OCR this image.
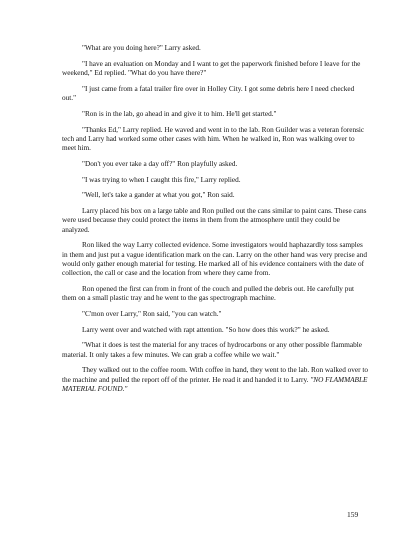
"What are you doing here?" Larry asked.

"I have an evaluation on Monday and I want to get the paperwork finished before I leave for the weekend," Ed replied. "What do you have there?"

"I just came from a fatal trailer fire over in Holley City. I got some debris here I need checked out."

"Ron is in the lab, go ahead in and give it to him. He'll get started."

"Thanks Ed," Larry replied. He waved and went in to the lab. Ron Guilder was a veteran forensic tech and Larry had worked some other cases with him. When he walked in, Ron was walking over to meet him.

"Don't you ever take a day off?" Ron playfully asked.

"I was trying to when I caught this fire," Larry replied.

"Well, let's take a gander at what you got," Ron said.

Larry placed his box on a large table and Ron pulled out the cans similar to paint cans. These cans were used because they could protect the items in them from the atmosphere until they could be analyzed.

Ron liked the way Larry collected evidence. Some investigators would haphazardly toss samples in them and just put a vague identification mark on the can. Larry on the other hand was very precise and would only gather enough material for testing. He marked all of his evidence containers with the date of collection, the call or case and the location from where they came from.

Ron opened the first can from in front of the couch and pulled the debris out. He carefully put them on a small plastic tray and he went to the gas spectrograph machine.

"C'mon over Larry," Ron said, "you can watch."

Larry went over and watched with rapt attention. "So how does this work?" he asked.

"What it does is test the material for any traces of hydrocarbons or any other possible flammable material. It only takes a few minutes. We can grab a coffee while we wait."

They walked out to the coffee room. With coffee in hand, they went to the lab. Ron walked over to the machine and pulled the report off of the printer. He read it and handed it to Larry. "NO FLAMMABLE MATERIAL FOUND."

159
